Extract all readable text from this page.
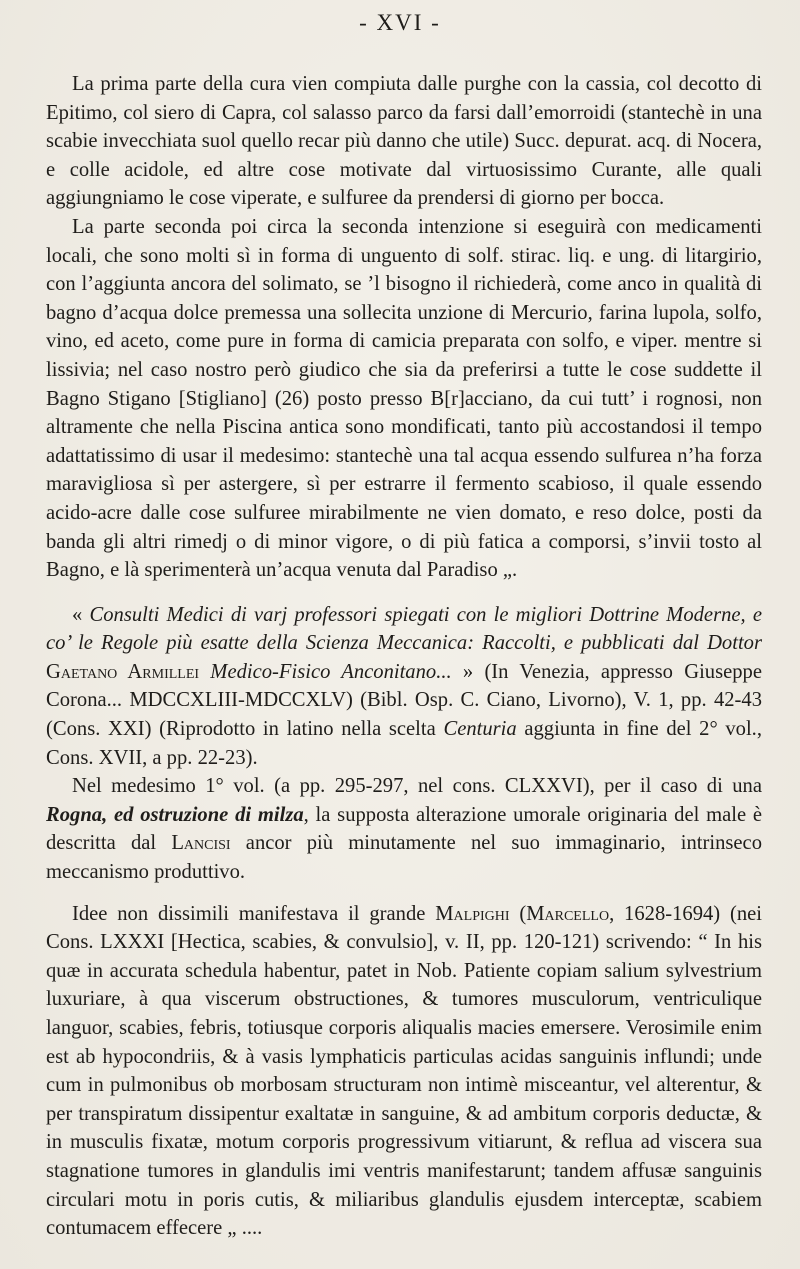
- XVI -

La prima parte della cura vien compiuta dalle purghe con la cassia, col decotto di Epitimo, col siero di Capra, col salasso parco da farsi dall’emorroidi (stantechè in una scabie invecchiata suol quello recar più danno che utile) Succ. depurat. acq. di Nocera, e colle acidole, ed altre cose motivate dal virtuosissimo Curante, alle quali aggiungniamo le cose viperate, e sulfuree da prendersi di giorno per bocca.

La parte seconda poi circa la seconda intenzione si eseguirà con medicamenti locali, che sono molti sì in forma di unguento di solf. stirac. liq. e ung. di litargirio, con l’aggiunta ancora del solimato, se ’l bisogno il richiederà, come anco in qualità di bagno d’acqua dolce premessa una sollecita unzione di Mercurio, farina lupola, solfo, vino, ed aceto, come pure in forma di camicia preparata con solfo, e viper. mentre si lissivia; nel caso nostro però giudico che sia da preferirsi a tutte le cose suddette il Bagno Stigano [Stigliano] (26) posto presso B[r]acciano, da cui tutt’ i rognosi, non altramente che nella Piscina antica sono mondificati, tanto più accostandosi il tempo adattatissimo di usar il medesimo: stantechè una tal acqua essendo sulfurea n’ha forza maravigliosa sì per astergere, sì per estrarre il fermento scabioso, il quale essendo acido-acre dalle cose sulfuree mirabilmente ne vien domato, e reso dolce, posti da banda gli altri rimedj o di minor vigore, o di più fatica a comporsi, s’invii tosto al Bagno, e là sperimenterà un’acqua venuta dal Paradiso „.

« Consulti Medici di varj professori spiegati con le migliori Dottrine Moderne, e co’ le Regole più esatte della Scienza Meccanica: Raccolti, e pubblicati dal Dottor Gaetano Armillei Medico-Fisico Anconitano... » (In Venezia, appresso Giuseppe Corona... MDCCXLIII-MDCCXLV) (Bibl. Osp. C. Ciano, Livorno), V. 1, pp. 42-43 (Cons. XXI) (Riprodotto in latino nella scelta Centuria aggiunta in fine del 2° vol., Cons. XVII, a pp. 22-23).

Nel medesimo 1° vol. (a pp. 295-297, nel cons. CLXXVI), per il caso di una Rogna, ed ostruzione di milza, la supposta alterazione umorale originaria del male è descritta dal Lancisi ancor più minutamente nel suo immaginario, intrinseco meccanismo produttivo.

Idee non dissimili manifestava il grande Malpighi (Marcello, 1628-1694) (nei Cons. LXXXI [Hectica, scabies, & convulsio], v. II, pp. 120-121) scrivendo: “ In his quæ in accurata schedula habentur, patet in Nob. Patiente copiam salium sylvestrium luxuriare, à qua viscerum obstructiones, & tumores musculorum, ventriculique languor, scabies, febris, totiusque corporis aliqualis macies emersere. Verosimile enim est ab hypocondriis, & à vasis lymphaticis particulas acidas sanguinis influndi; unde cum in pulmonibus ob morbosam structuram non intimè misceantur, vel alterentur, & per transpiratum dissipentur exaltatæ in sanguine, & ad ambitum corporis deductæ, & in musculis fixatæ, motum corporis progressivum vitiarunt, & reflua ad viscera sua stagnatione tumores in glandulis imi ventris manifestarunt; tandem affusæ sanguinis circulari motu in poris cutis, & miliaribus glandulis ejusdem interceptæ, scabiem contumacem effecere „ ....
